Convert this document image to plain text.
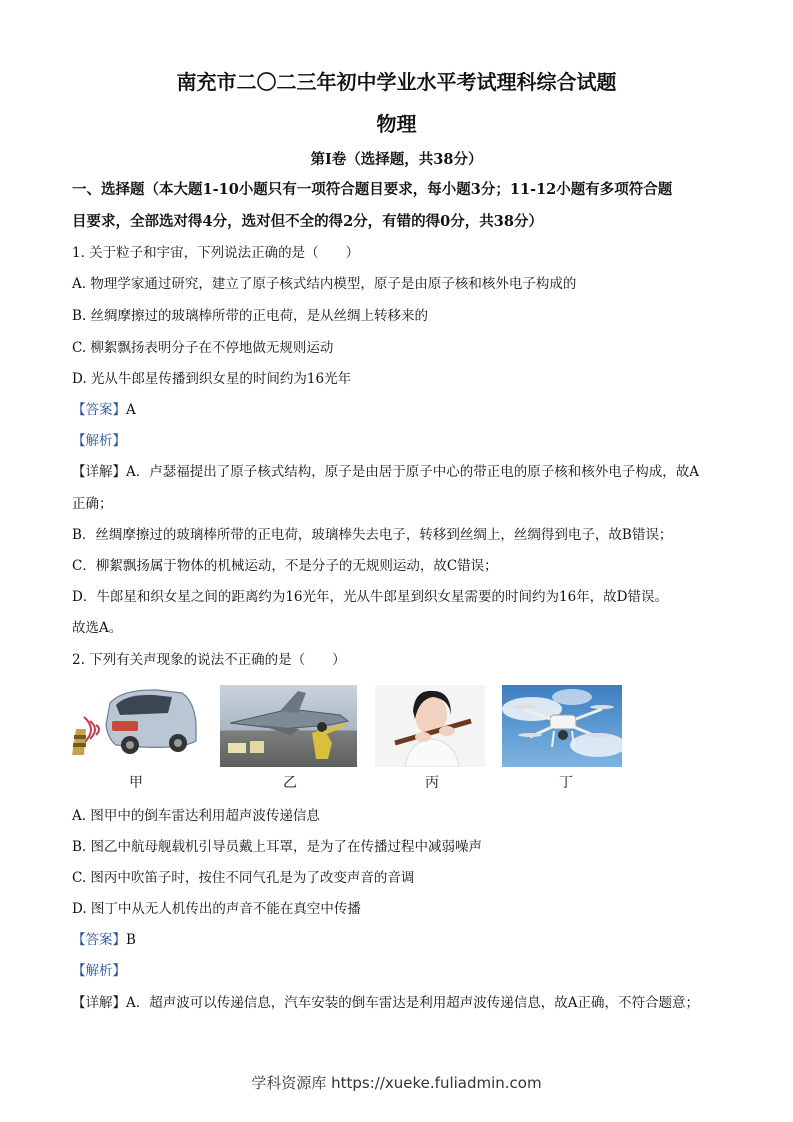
南充市二〇二三年初中学业水平考试理科综合试题
物理
第I卷（选择题，共38分）
一、选择题（本大题1-10小题只有一项符合题目要求，每小题3分；11-12小题有多项符合题
目要求，全部选对得4分，选对但不全的得2分，有错的得0分，共38分）
1. 关于粒子和宇宙，下列说法正确的是（　　）
A. 物理学家通过研究，建立了原子核式结内模型，原子是由原子核和核外电子构成的
B. 丝绸摩擦过的玻璃棒所带的正电荷，是从丝绸上转移来的
C. 柳絮飘扬表明分子在不停地做无规则运动
D. 光从牛郎星传播到织女星的时间约为16光年
【答案】A
【解析】
【详解】A．卢瑟福提出了原子核式结构，原子是由居于原子中心的带正电的原子核和核外电子构成，故A
正确；
B．丝绸摩擦过的玻璃棒所带的正电荷，玻璃棒失去电子，转移到丝绸上，丝绸得到电子，故B错误；
C．柳絮飘扬属于物体的机械运动，不是分子的无规则运动，故C错误；
D．牛郎星和织女星之间的距离约为16光年，光从牛郎星到织女星需要的时间约为16年，故D错误。
故选A。
2. 下列有关声现象的说法不正确的是（　　）
甲	乙	丙	丁
A. 图甲中的倒车雷达利用超声波传递信息
B. 图乙中航母舰载机引导员戴上耳罩，是为了在传播过程中减弱噪声
C. 图丙中吹笛子时，按住不同气孔是为了改变声音的音调
D. 图丁中从无人机传出的声音不能在真空中传播
【答案】B
【解析】
【详解】A．超声波可以传递信息，汽车安装的倒车雷达是利用超声波传递信息，故A正确，不符合题意；
学科资源库 https://xueke.fuliadmin.com
